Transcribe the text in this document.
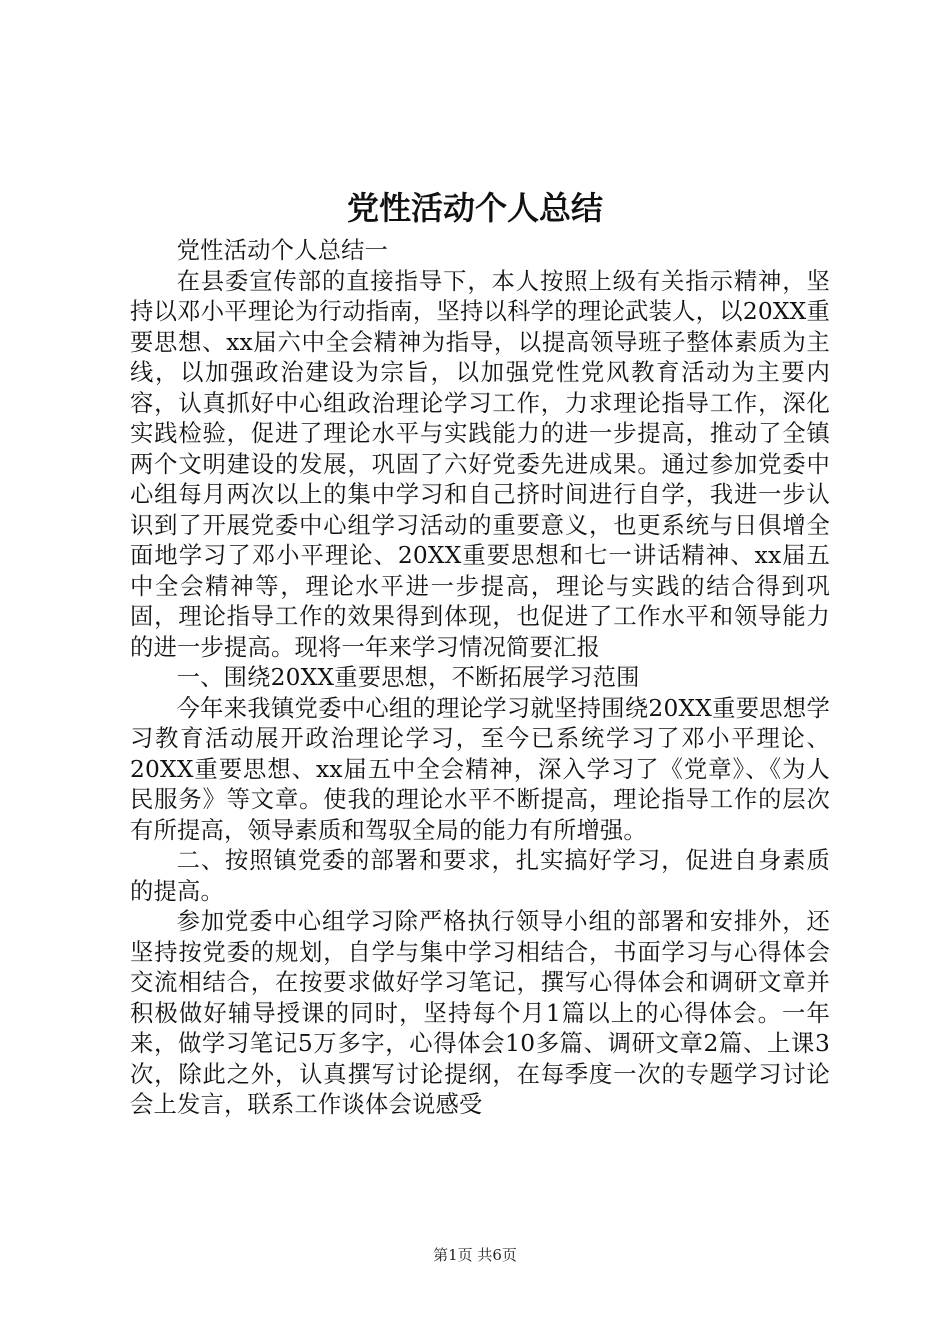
党性活动个人总结

党性活动个人总结一

在县委宣传部的直接指导下，本人按照上级有关指示精神，坚持以邓小平理论为行动指南，坚持以科学的理论武装人，以20XX重要思想、xx届六中全会精神为指导，以提高领导班子整体素质为主线，以加强政治建设为宗旨，以加强党性党风教育活动为主要内容，认真抓好中心组政治理论学习工作，力求理论指导工作，深化实践检验，促进了理论水平与实践能力的进一步提高，推动了全镇两个文明建设的发展，巩固了六好党委先进成果。通过参加党委中心组每月两次以上的集中学习和自己挤时间进行自学，我进一步认识到了开展党委中心组学习活动的重要意义，也更系统与日俱增全面地学习了邓小平理论、20XX重要思想和七一讲话精神、xx届五中全会精神等，理论水平进一步提高，理论与实践的结合得到巩固，理论指导工作的效果得到体现，也促进了工作水平和领导能力的进一步提高。现将一年来学习情况简要汇报

一、围绕20XX重要思想，不断拓展学习范围

今年来我镇党委中心组的理论学习就坚持围绕20XX重要思想学习教育活动展开政治理论学习，至今已系统学习了邓小平理论、20XX重要思想、xx届五中全会精神，深入学习了《党章》、《为人民服务》等文章。使我的理论水平不断提高，理论指导工作的层次有所提高，领导素质和驾驭全局的能力有所增强。

二、按照镇党委的部署和要求，扎实搞好学习，促进自身素质的提高。

参加党委中心组学习除严格执行领导小组的部署和安排外，还坚持按党委的规划，自学与集中学习相结合，书面学习与心得体会交流相结合，在按要求做好学习笔记，撰写心得体会和调研文章并积极做好辅导授课的同时，坚持每个月1篇以上的心得体会。一年来，做学习笔记5万多字，心得体会10多篇、调研文章2篇、上课3次，除此之外，认真撰写讨论提纲，在每季度一次的专题学习讨论会上发言，联系工作谈体会说感受

第1页 共6页
